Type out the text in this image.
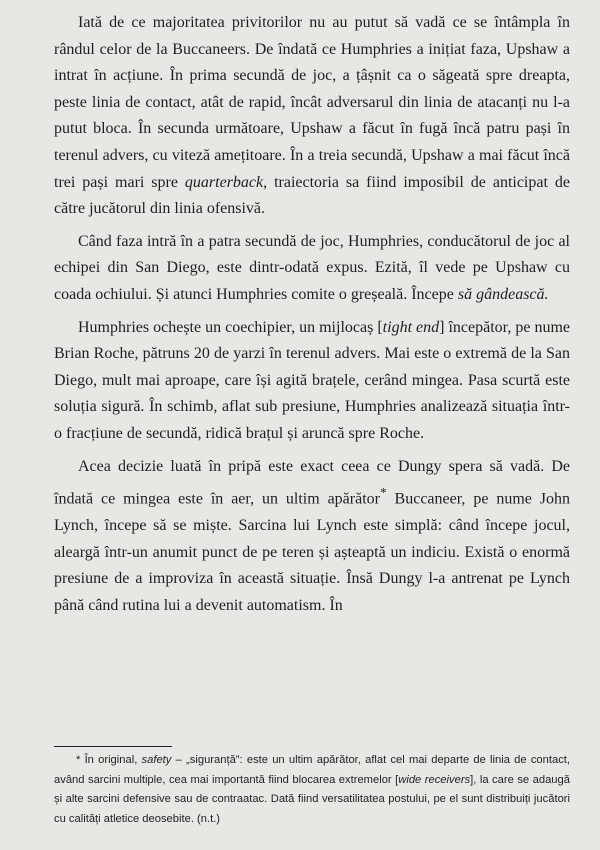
Iată de ce majoritatea privitorilor nu au putut să vadă ce se întâmpla în rândul celor de la Buccaneers. De îndată ce Humphries a inițiat faza, Upshaw a intrat în acțiune. În prima secundă de joc, a țâșnit ca o săgeată spre dreapta, peste linia de contact, atât de rapid, încât adversarul din linia de atacanți nu l-a putut bloca. În secunda următoare, Upshaw a făcut în fugă încă patru pași în terenul advers, cu viteză amețitoare. În a treia secundă, Upshaw a mai făcut încă trei pași mari spre quarterback, traiectoria sa fiind imposibil de anticipat de către jucătorul din linia ofensivă.

Când faza intră în a patra secundă de joc, Humphries, conducătorul de joc al echipei din San Diego, este dintr-odată expus. Ezită, îl vede pe Upshaw cu coada ochiului. Și atunci Humphries comite o greșeală. Începe să gândească.

Humphries ochește un coechipier, un mijlocaș [tight end] începător, pe nume Brian Roche, pătruns 20 de yarzi în terenul advers. Mai este o extremă de la San Diego, mult mai aproape, care își agită brațele, cerând mingea. Pasa scurtă este soluția sigură. În schimb, aflat sub presiune, Humphries analizează situația într-o fracțiune de secundă, ridică brațul și aruncă spre Roche.

Acea decizie luată în pripă este exact ceea ce Dungy spera să vadă. De îndată ce mingea este în aer, un ultim apărător* Buccaneer, pe nume John Lynch, începe să se miște. Sarcina lui Lynch este simplă: când începe jocul, aleargă într-un anumit punct de pe teren și așteaptă un indiciu. Există o enormă presiune de a improviza în această situație. Însă Dungy l-a antrenat pe Lynch până când rutina lui a devenit automatism. În

* În original, safety – „siguranță”: este un ultim apărător, aflat cel mai departe de linia de contact, având sarcini multiple, cea mai importantă fiind blocarea extremelor [wide receivers], la care se adaugă și alte sarcini defensive sau de contraatac. Dată fiind versatilitatea postului, pe el sunt distribuiți jucători cu calități atletice deosebite. (n.t.)
